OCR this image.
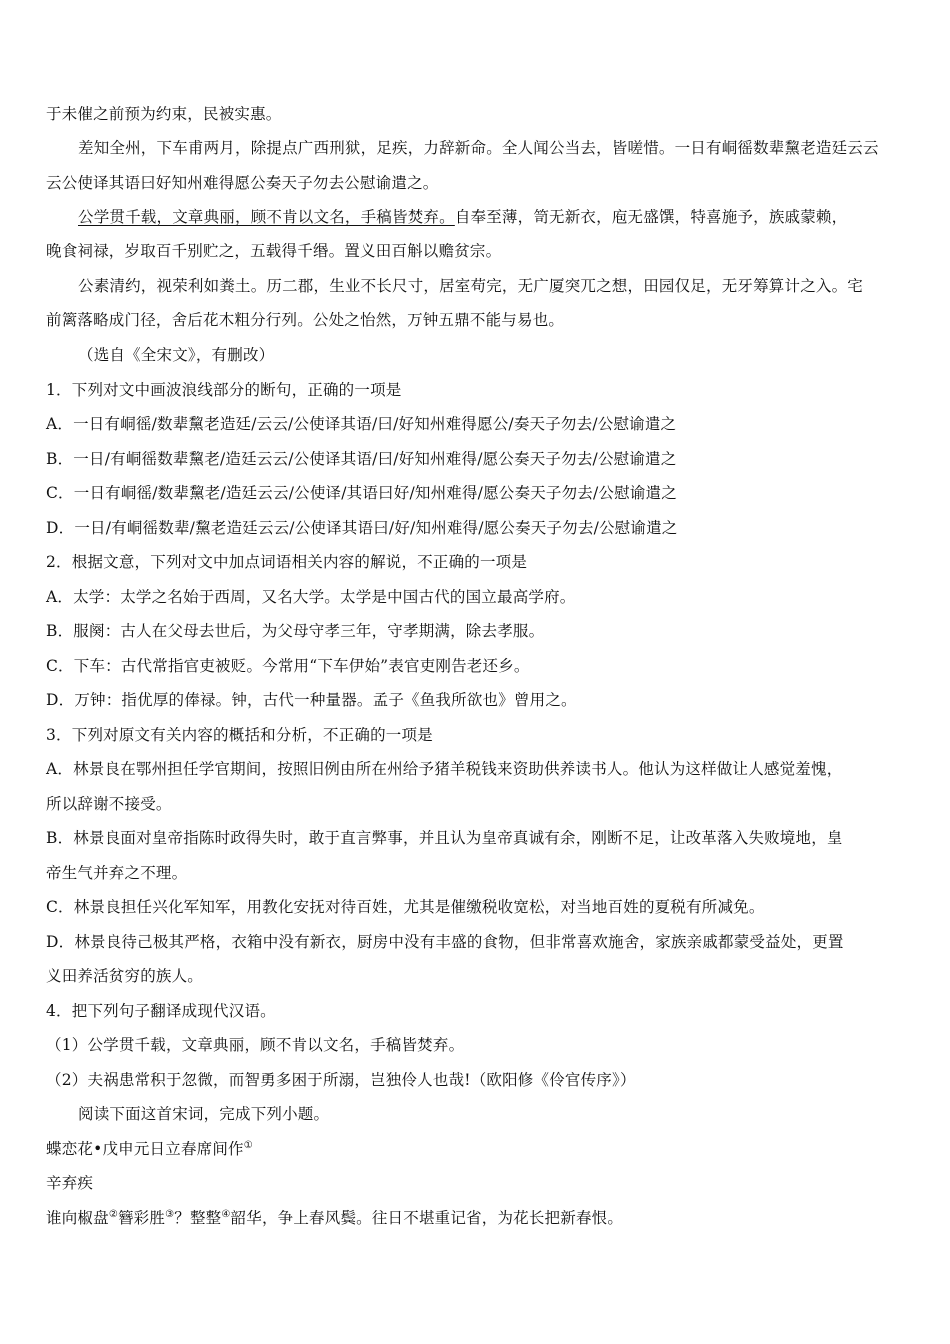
于未催之前预为约束，民被实惠。
差知全州，下车甫两月，除提点广西刑狱，足疾，力辞新命。全人闻公当去，皆嗟惜。一日有峒徭数辈黧老造廷云云
云公使译其语曰好知州难得愿公奏天子勿去公慰谕遣之。
公学贯千载，文章典丽，顾不肯以文名，手稿皆焚弃。自奉至薄，笥无新衣，庖无盛馔，特喜施予，族戚蒙赖，
晚食祠禄，岁取百千别贮之，五载得千缗。置义田百斛以赡贫宗。
公素清约，视荣利如粪土。历二郡，生业不长尺寸，居室苟完，无广厦突兀之想，田园仅足，无牙筹算计之入。宅
前篱落略成门径，舍后花木粗分行列。公处之怡然，万钟五鼎不能与易也。
（选自《全宋文》，有删改）
1．下列对文中画波浪线部分的断句，正确的一项是
A．一日有峒徭/数辈黧老造廷/云云/公使译其语/曰/好知州难得愿公/奏天子勿去/公慰谕遣之
B．一日/有峒徭数辈黧老/造廷云云/公使译其语/曰/好知州难得/愿公奏天子勿去/公慰谕遣之
C．一日有峒徭/数辈黧老/造廷云云/公使译/其语曰好/知州难得/愿公奏天子勿去/公慰谕遣之
D．一日/有峒徭数辈/黧老造廷云云/公使译其语曰/好/知州难得/愿公奏天子勿去/公慰谕遣之
2．根据文意，下列对文中加点词语相关内容的解说，不正确的一项是
A．太学：太学之名始于西周，又名大学。太学是中国古代的国立最高学府。
B．服阕：古人在父母去世后，为父母守孝三年，守孝期满，除去孝服。
C．下车：古代常指官吏被贬。今常用“下车伊始”表官吏刚告老还乡。
D．万钟：指优厚的俸禄。钟，古代一种量器。孟子《鱼我所欲也》曾用之。
3．下列对原文有关内容的概括和分析，不正确的一项是
A．林景良在鄂州担任学官期间，按照旧例由所在州给予猪羊税钱来资助供养读书人。他认为这样做让人感觉羞愧，
所以辞谢不接受。
B．林景良面对皇帝指陈时政得失时，敢于直言弊事，并且认为皇帝真诚有余，刚断不足，让改革落入失败境地，皇
帝生气并弃之不理。
C．林景良担任兴化军知军，用教化安抚对待百姓，尤其是催缴税收宽松，对当地百姓的夏税有所减免。
D．林景良待己极其严格，衣箱中没有新衣，厨房中没有丰盛的食物，但非常喜欢施舍，家族亲戚都蒙受益处，更置
义田养活贫穷的族人。
4．把下列句子翻译成现代汉语。
（1）公学贯千载，文章典丽，顾不肯以文名，手稿皆焚弃。
（2）夫祸患常积于忽微，而智勇多困于所溺，岂独伶人也哉!（欧阳修《伶官传序》）
阅读下面这首宋词，完成下列小题。
蝶恋花•戊申元日立春席间作①
辛弃疾
谁向椒盘②簪彩胜③？整整④韶华，争上春风鬓。往日不堪重记省，为花长把新春恨。
